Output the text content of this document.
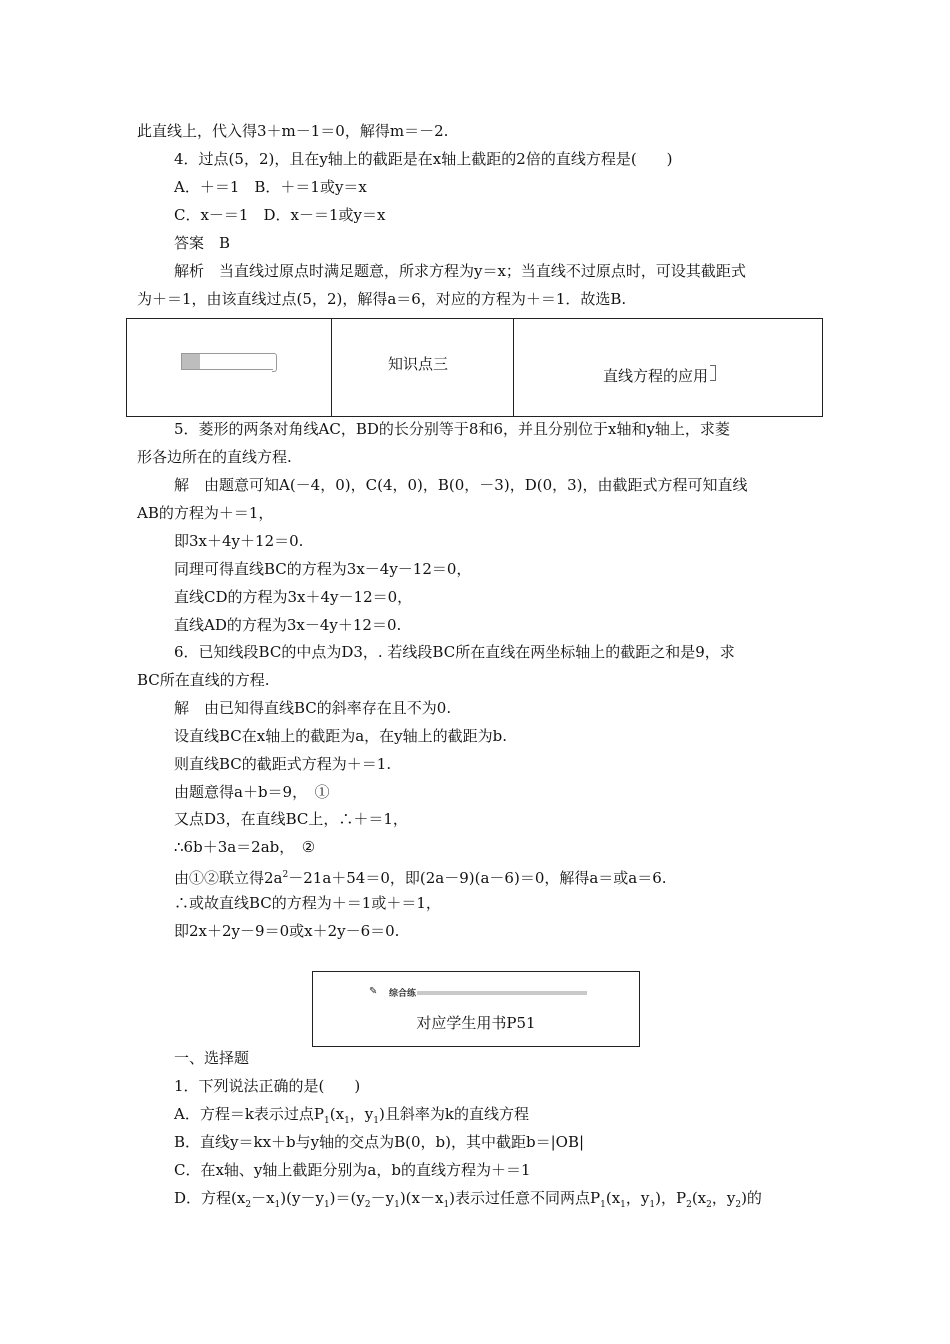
此直线上，代入得3＋m－1＝0，解得m＝－2.
4．过点(5，2)，且在y轴上的截距是在x轴上截距的2倍的直线方程是(　　)
A．＋＝1　B．＋＝1或y＝x
C．x－＝1　D．x－＝1或y＝x
答案　B
解析　当直线过原点时满足题意，所求方程为y＝x；当直线不过原点时，可设其截距式
为＋＝1，由该直线过点(5，2)，解得a＝6，对应的方程为＋＝1．故选B.
知识点三
直线方程的应用
5．菱形的两条对角线AC，BD的长分别等于8和6，并且分别位于x轴和y轴上，求菱
形各边所在的直线方程.
解　由题意可知A(－4，0)，C(4，0)，B(0，－3)，D(0，3)，由截距式方程可知直线
AB的方程为＋＝1，
即3x＋4y＋12＝0.
同理可得直线BC的方程为3x－4y－12＝0，
直线CD的方程为3x＋4y－12＝0，
直线AD的方程为3x－4y＋12＝0.
6．已知线段BC的中点为D3，. 若线段BC所在直线在两坐标轴上的截距之和是9，求
BC所在直线的方程.
解　由已知得直线BC的斜率存在且不为0.
设直线BC在x轴上的截距为a，在y轴上的截距为b.
则直线BC的截距式方程为＋＝1.
由题意得a＋b＝9，　①
又点D3，在直线BC上，∴＋＝1，
∴6b＋3a＝2ab，　②
由①②联立得$2a^2-21a+54=0$，即(2a－9)(a－6)＝0，解得a＝或a＝6.
∴或故直线BC的方程为＋＝1或＋＝1，
即2x＋2y－9＝0或x＋2y－6＝0.
✎ 综合练
对应学生用书P51
一、选择题
1．下列说法正确的是(　　)
A．方程＝k表示过点$P_1(x_1$，$y_1$)且斜率为k的直线方程
B．直线y＝kx＋b与y轴的交点为B(0，b)，其中截距b＝|OB|
C．在x轴、y轴上截距分别为a，b的直线方程为＋＝1
D．方程$(x_2-x_1)(y-y_1)=(y_2-y_1)(x-x_1)$表示过任意不同两点$P_1(x_1$，$y_1$)，$P_2(x_2$，$y_2$)的
